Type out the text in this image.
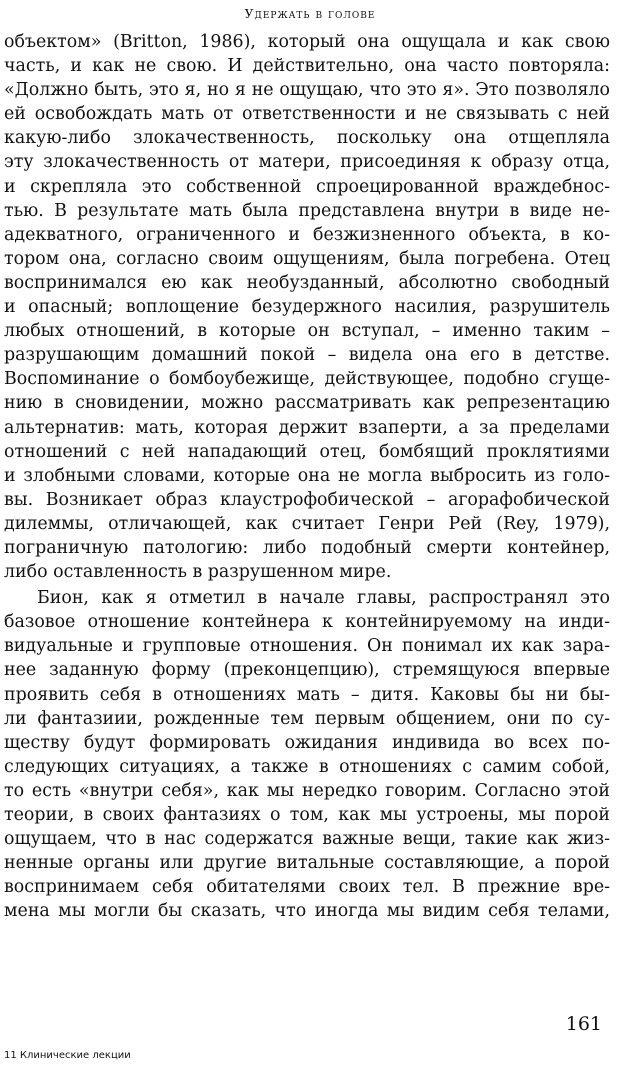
Удержать в голове
объектом» (Britton, 1986), который она ощущала и как свою
часть, и как не свою. И действительно, она часто повторяла:
«Должно быть, это я, но я не ощущаю, что это я». Это позволяло
ей освобождать мать от ответственности и не связывать с ней
какую-либо злокачественность, поскольку она отщепляла
эту злокачественность от матери, присоединяя к образу отца,
и скрепляла это собственной спроецированной враждебнос-
тью. В результате мать была представлена внутри в виде не-
адекватного, ограниченного и безжизненного объекта, в ко-
тором она, согласно своим ощущениям, была погребена. Отец
воспринимался ею как необузданный, абсолютно свободный
и опасный; воплощение безудержного насилия, разрушитель
любых отношений, в которые он вступал, – именно таким –
разрушающим домашний покой – видела она его в детстве.
Воспоминание о бомбоубежище, действующее, подобно сгуще-
нию в сновидении, можно рассматривать как репрезентацию
альтернатив: мать, которая держит взаперти, а за пределами
отношений с ней нападающий отец, бомбящий проклятиями
и злобными словами, которые она не могла выбросить из голо-
вы. Возникает образ клаустрофобической – агорафобической
дилеммы, отличающей, как считает Генри Рей (Rey, 1979),
пограничную патологию: либо подобный смерти контейнер,
либо оставленность в разрушенном мире.
Бион, как я отметил в начале главы, распространял это
базовое отношение контейнера к контейнируемому на инди-
видуальные и групповые отношения. Он понимал их как зара-
нее заданную форму (преконцепцию), стремящуюся впервые
проявить себя в отношениях мать – дитя. Каковы бы ни бы-
ли фантазиии, рожденные тем первым общением, они по су-
ществу будут формировать ожидания индивида во всех по-
следующих ситуациях, а также в отношениях с самим собой,
то есть «внутри себя», как мы нередко говорим. Согласно этой
теории, в своих фантазиях о том, как мы устроены, мы порой
ощущаем, что в нас содержатся важные вещи, такие как жиз-
ненные органы или другие витальные составляющие, а порой
воспринимаем себя обитателями своих тел. В прежние вре-
мена мы могли бы сказать, что иногда мы видим себя телами,
161
11 Клинические лекции
